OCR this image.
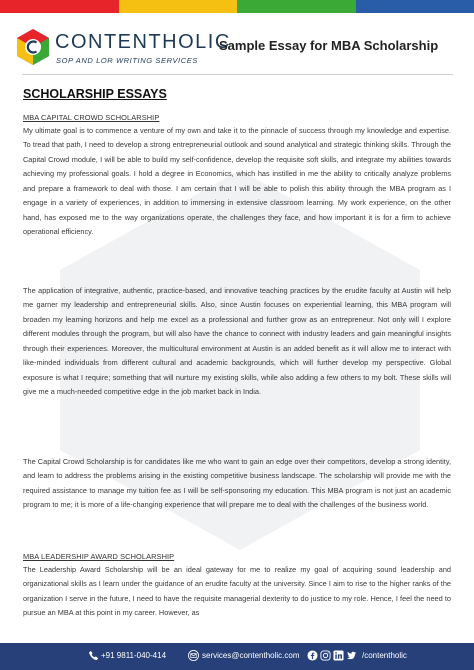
CONTENTHOLIC
SOP AND LOR WRITING SERVICES
Sample Essay for MBA Scholarship
SCHOLARSHIP ESSAYS
MBA CAPITAL CROWD SCHOLARSHIP

My ultimate goal is to commence a venture of my own and take it to the pinnacle of success through my knowledge and expertise. To tread that path, I need to develop a strong entrepreneurial outlook and sound analytical and strategic thinking skills. Through the Capital Crowd module, I will be able to build my self-confidence, develop the requisite soft skills, and integrate my abilities towards achieving my professional goals. I hold a degree in Economics, which has instilled in me the ability to critically analyze problems and prepare a framework to deal with those. I am certain that I will be able to polish this ability through the MBA program as I engage in a variety of experiences, in addition to immersing in extensive classroom learning. My work experience, on the other hand, has exposed me to the way organizations operate, the challenges they face, and how important it is for a firm to achieve operational efficiency.

The application of integrative, authentic, practice-based, and innovative teaching practices by the erudite faculty at Austin will help me garner my leadership and entrepreneurial skills. Also, since Austin focuses on experiential learning, this MBA program will broaden my learning horizons and help me excel as a professional and further grow as an entrepreneur. Not only will I explore different modules through the program, but will also have the chance to connect with industry leaders and gain meaningful insights through their experiences. Moreover, the multicultural environment at Austin is an added benefit as it will allow me to interact with like-minded individuals from different cultural and academic backgrounds, which will further develop my perspective. Global exposure is what I require; something that will nurture my existing skills, while also adding a few others to my bolt. These skills will give me a much-needed competitive edge in the job market back in India.

The Capital Crowd Scholarship is for candidates like me who want to gain an edge over their competitors, develop a strong identity, and learn to address the problems arising in the existing competitive business landscape. The scholarship will provide me with the required assistance to manage my tuition fee as I will be self-sponsoring my education. This MBA program is not just an academic program to me; it is more of a life-changing experience that will prepare me to deal with the challenges of the business world.

MBA LEADERSHIP AWARD SCHOLARSHIP

The Leadership Award Scholarship will be an ideal gateway for me to realize my goal of acquiring sound leadership and organizational skills as I learn under the guidance of an erudite faculty at the university. Since I aim to rise to the higher ranks of the organization I serve in the future, I need to have the requisite managerial dexterity to do justice to my role. Hence, I feel the need to pursue an MBA at this point in my career. However, as

+91 9811-040-414	services@contentholic.com	/contentholic
